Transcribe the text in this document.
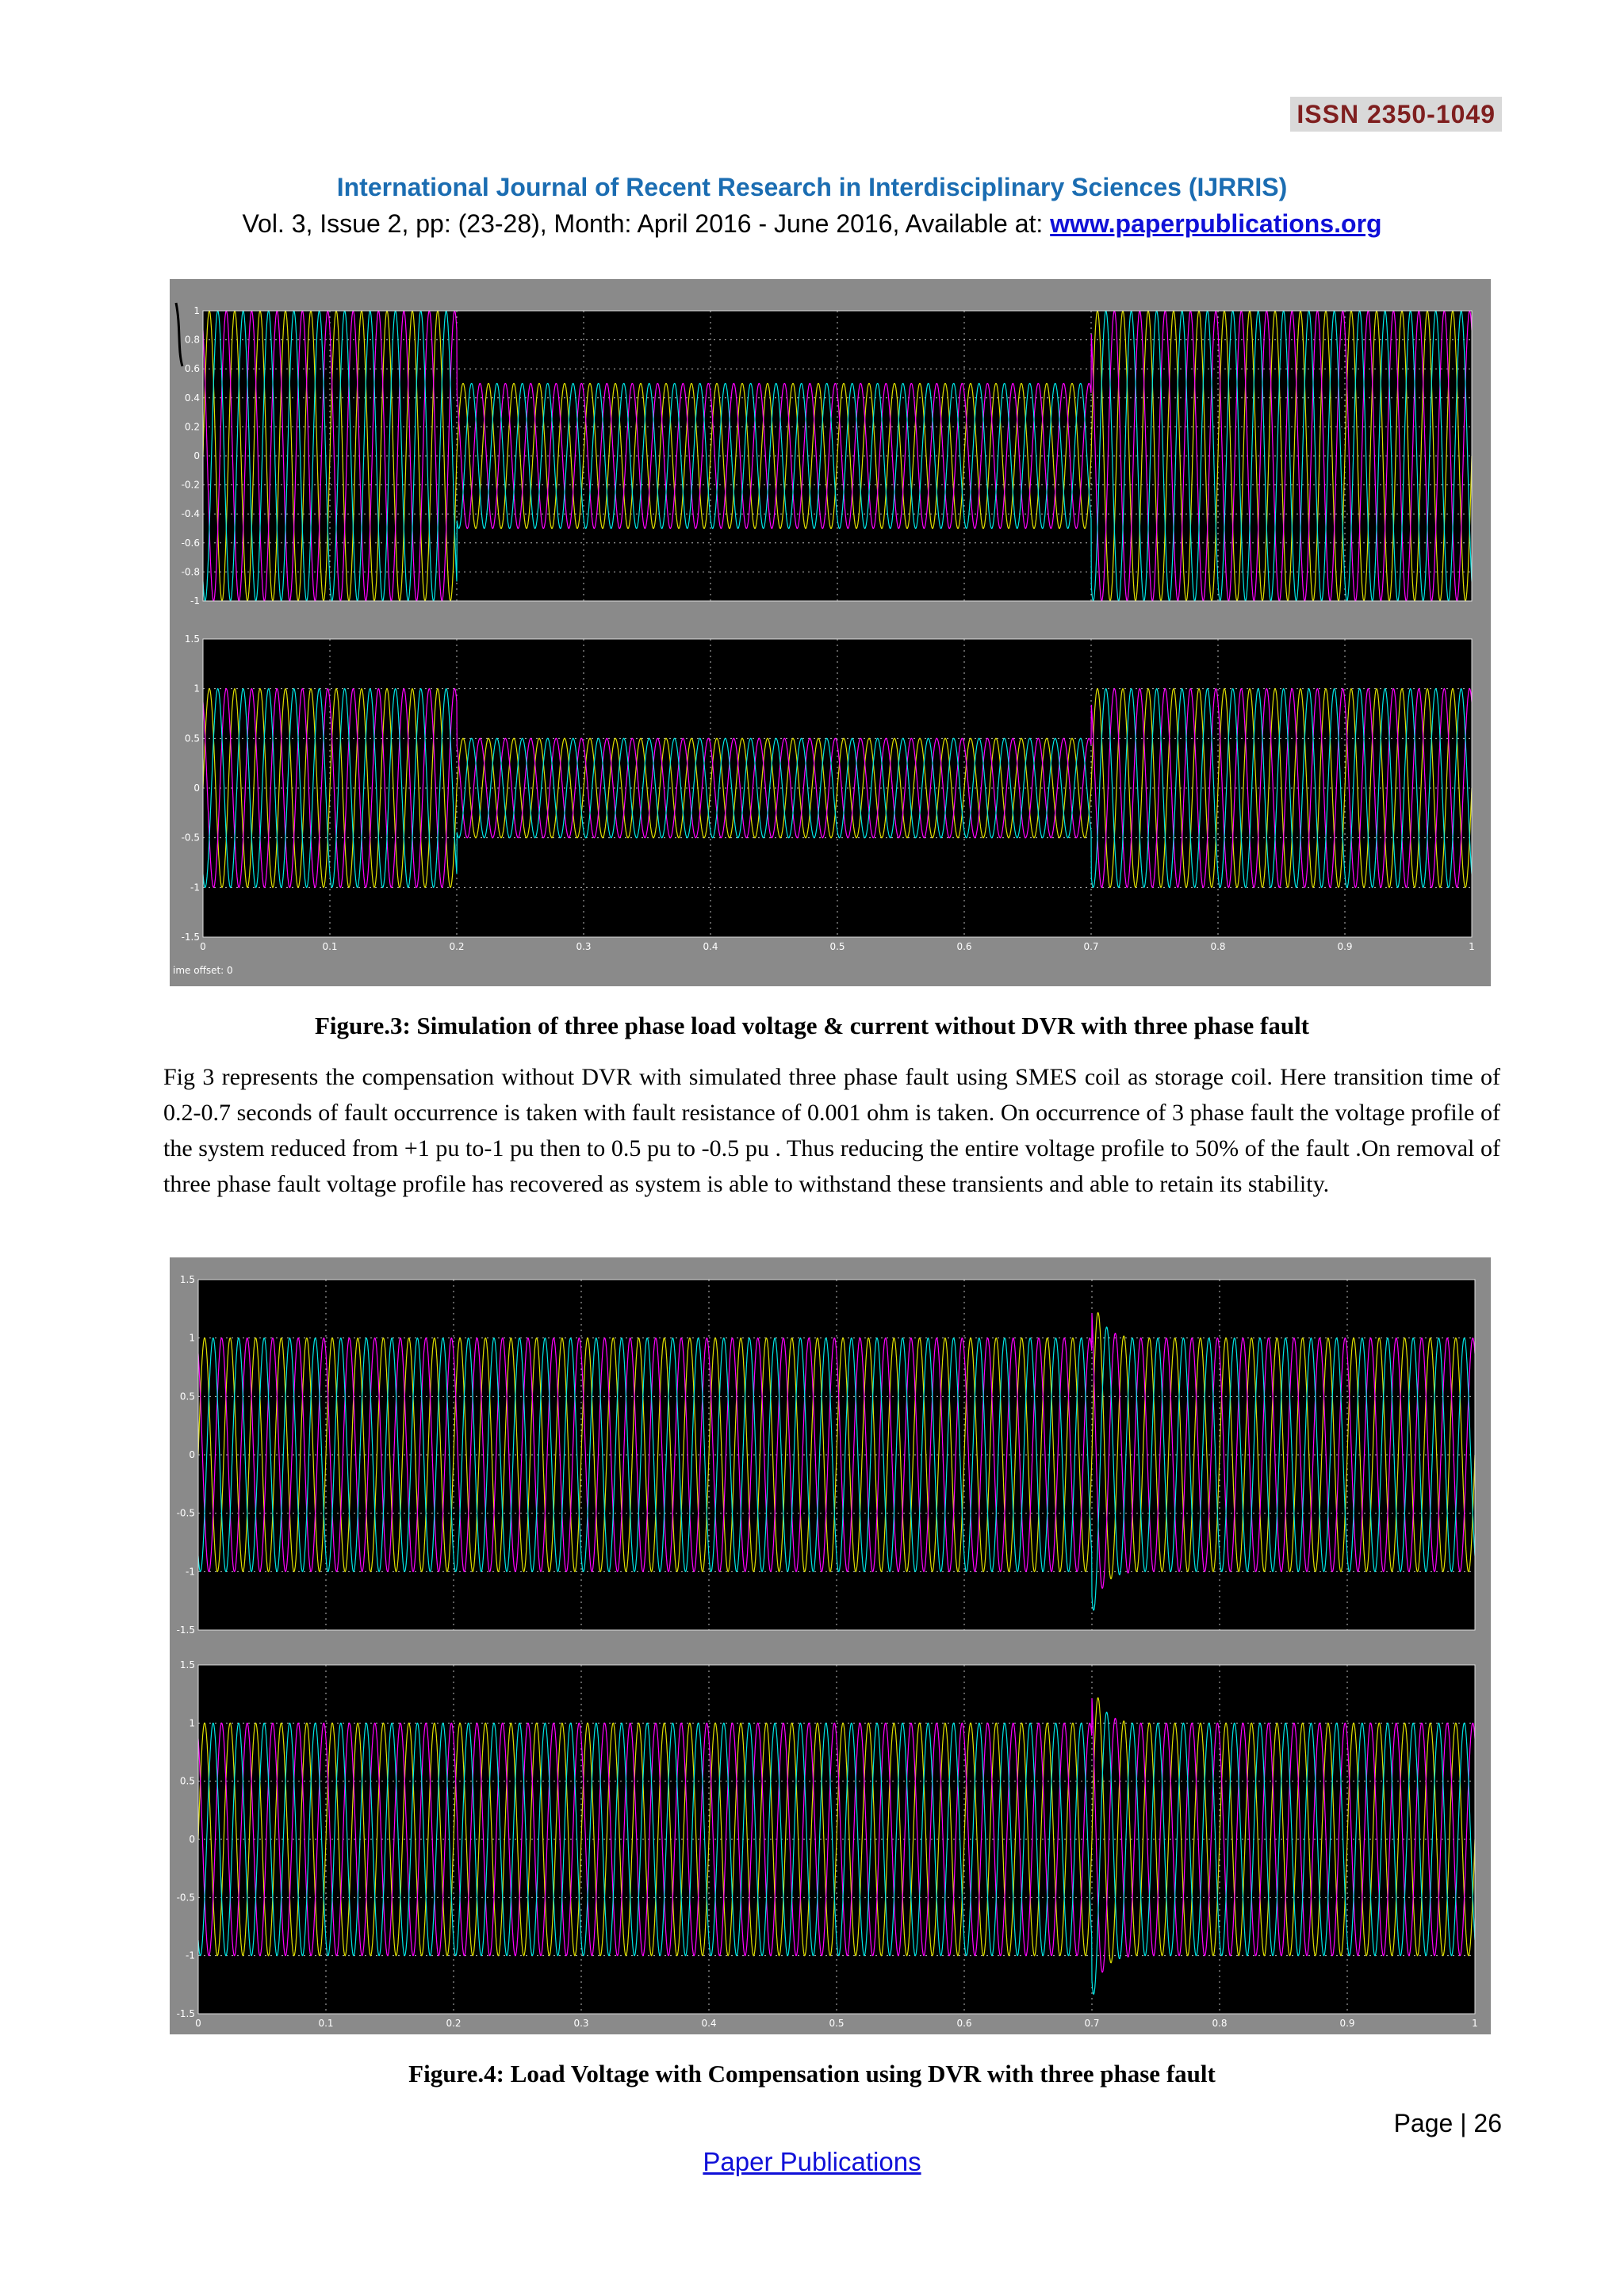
ISSN 2350-1049
International Journal of Recent Research in Interdisciplinary Sciences (IJRRIS)
Vol. 3, Issue 2, pp: (23-28), Month: April 2016 - June 2016, Available at: www.paperpublications.org
1
0.8
0.6
0.4
0.2
0
-0.2
-0.4
-0.6
-0.8
-1
0	0.1	0.2	0.3	0.4	0.5	0.6	0.7	0.8	0.9	1
1.5
1
0.5
0
-0.5
-1
-1.5
ime offset: 0
Figure.3: Simulation of three phase load voltage & current without DVR with three phase fault
Fig 3 represents the compensation without DVR with simulated three phase fault using SMES coil as storage coil. Here transition time of 0.2-0.7 seconds of fault occurrence is taken with fault resistance of 0.001 ohm is taken. On occurrence of 3 phase fault the voltage profile of the system reduced from +1 pu to-1 pu then to 0.5 pu to -0.5 pu . Thus reducing the entire voltage profile to 50% of the fault .On removal of three phase fault voltage profile has recovered as system is able to withstand these transients and able to retain its stability.
1.5
1
0.5
0
-0.5
-1
-1.5
0	0.1	0.2	0.3	0.4	0.5	0.6	0.7	0.8	0.9	1
1.5
1
0.5
0
-0.5
-1
-1.5
Figure.4: Load Voltage with Compensation using DVR with three phase fault
Page | 26
Paper Publications
